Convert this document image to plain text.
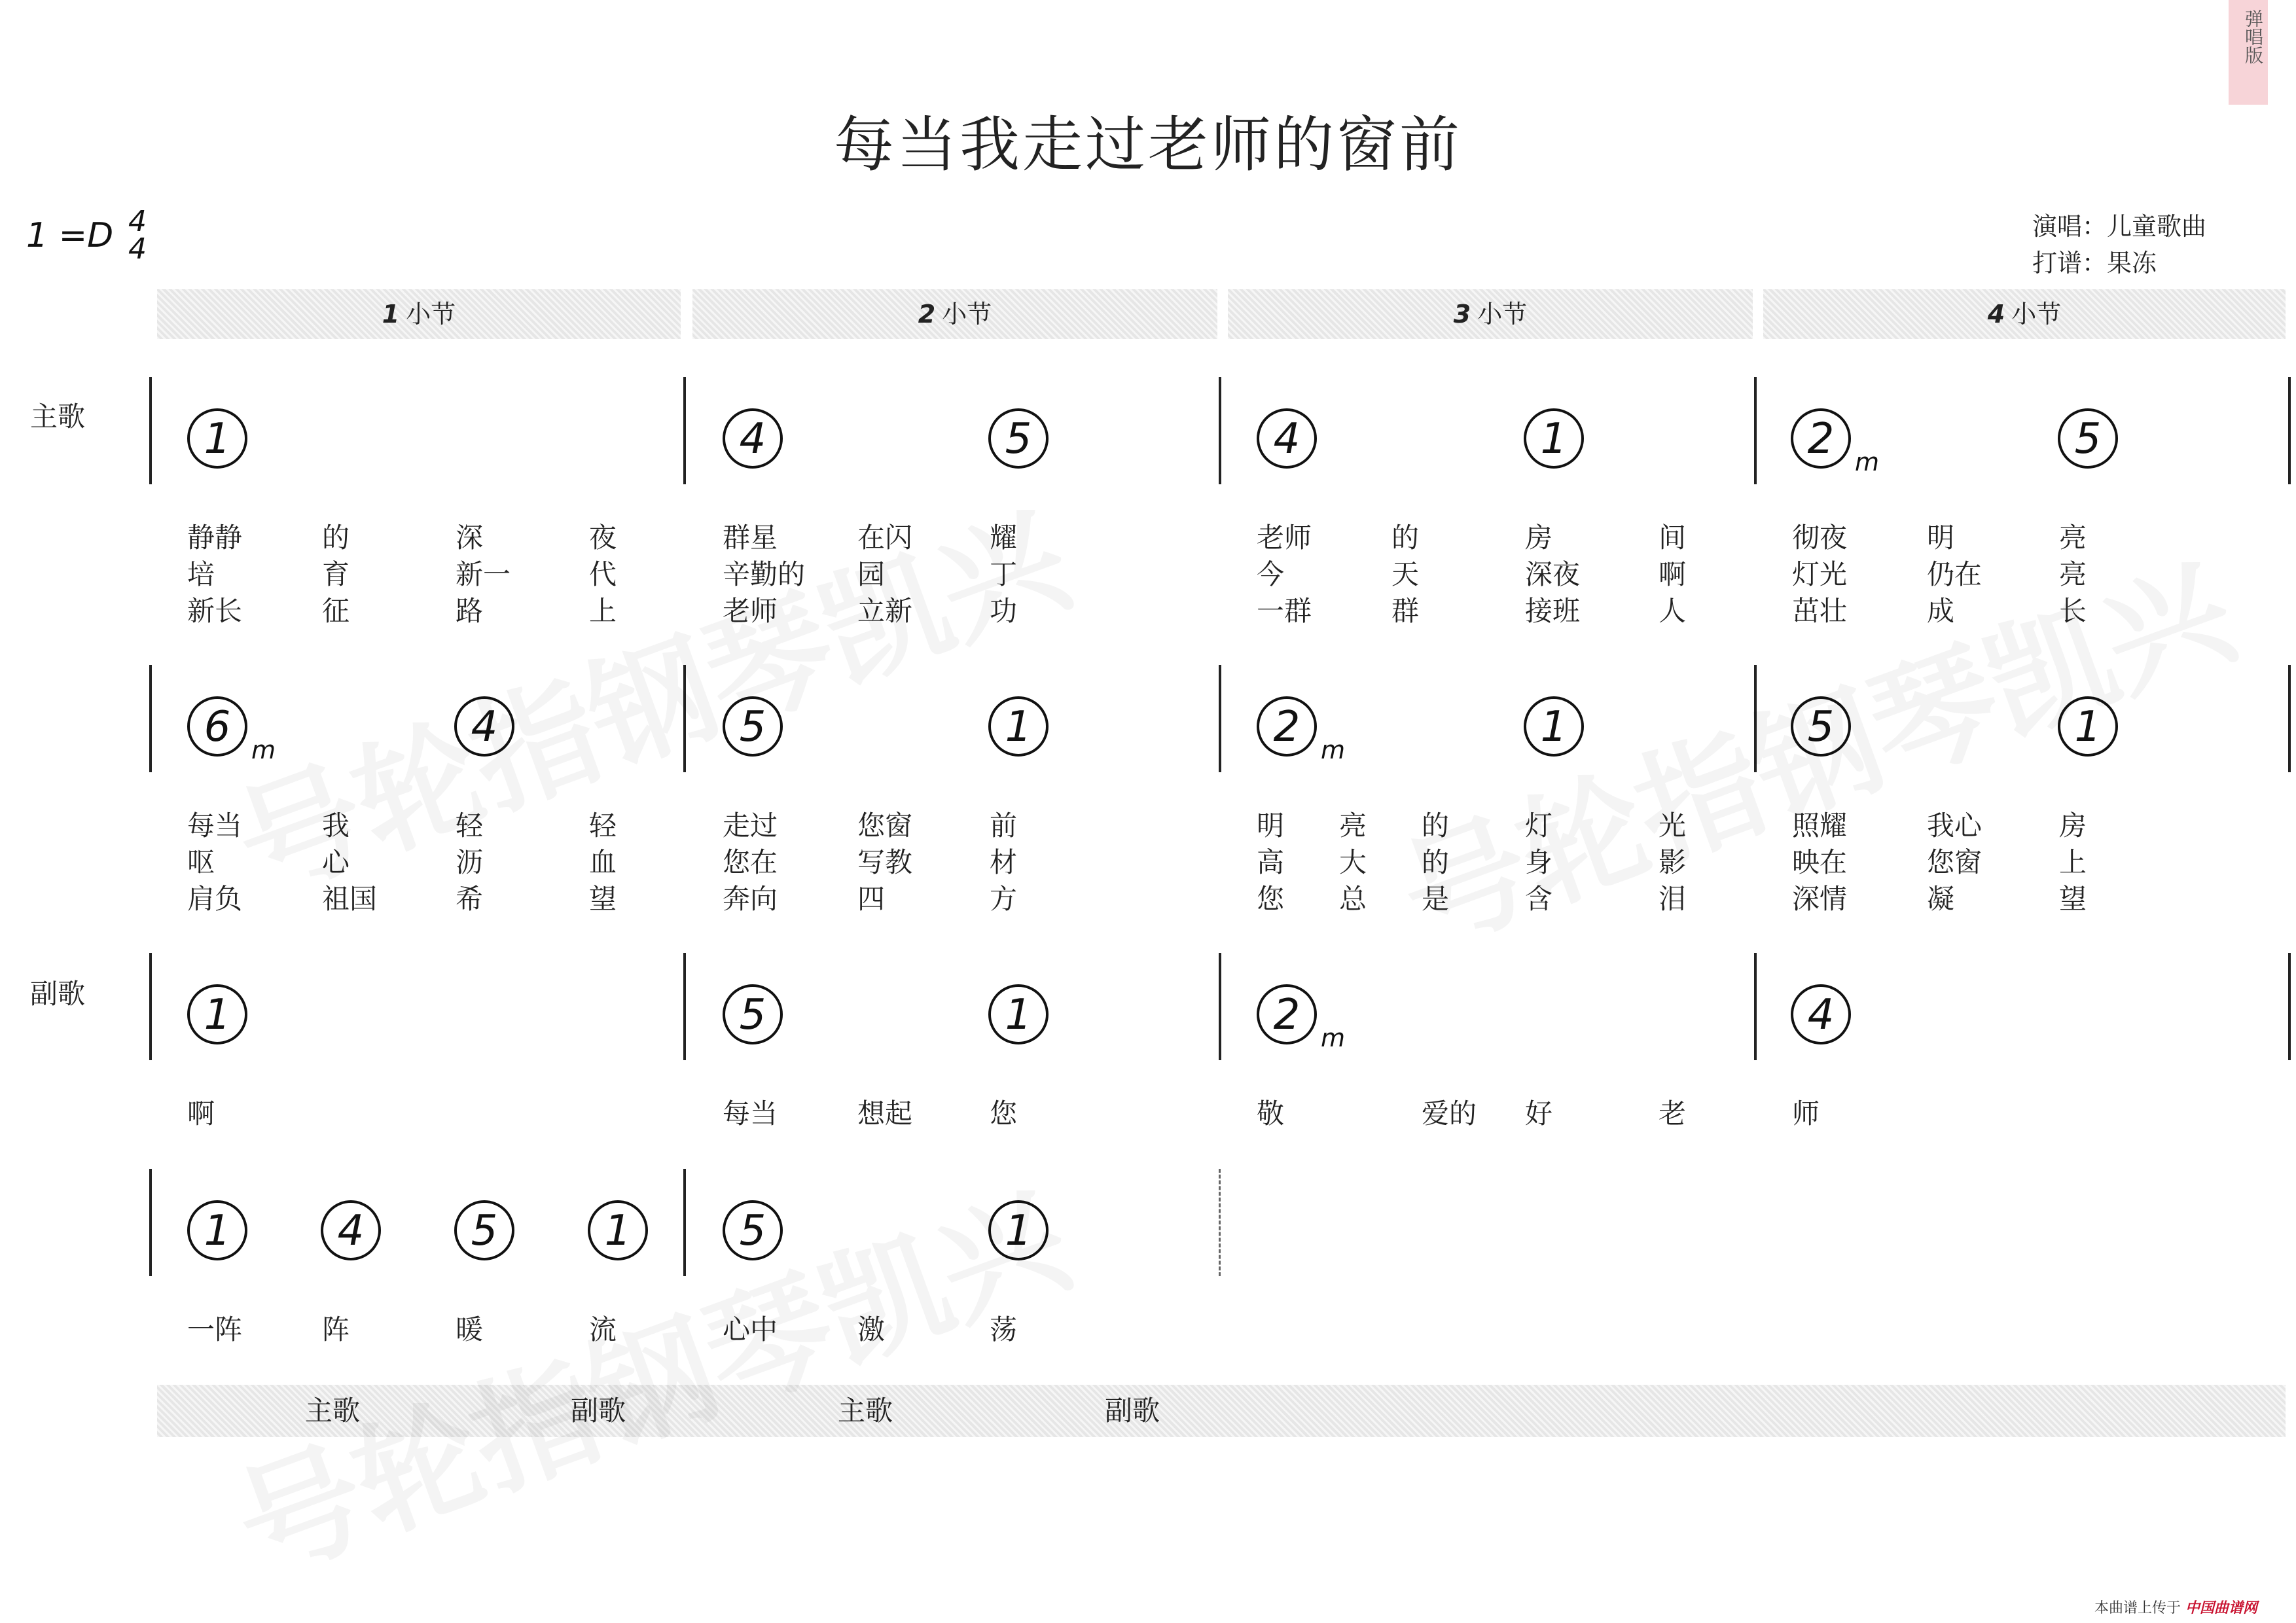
每当我走过老师的窗前
弹唱版
1 =D 4
4
演唱：儿童歌曲
打谱：果冻
1 小节	2 小节	3 小节	4 小节
主歌
副歌
1	4	5	4	1	2 m	5
静静	的	深	夜	群星	在闪	耀	老师	的	房	间	彻夜	明	亮
培	育	新一	代	辛勤的 园	丁	今	天	深夜	啊	灯光	仍在	亮
新长	征	路	上	老师	立新	功	一群	群	接班	人	茁壮	成	长
6 m	4	5	1	2 m	1	5	1
每当	我	轻	轻	走过	您窗	前	明 亮 的	灯	光	照耀	我心	房
呕	心	沥	血	您在	写教	材	高 大 的	身	影	映在	您窗	上
肩负	祖国	希	望	奔向	四	方	您 总 是	含	泪	深情	凝	望
1	5	1	2 m	4
啊	每当	想起	您	敬	爱的 好	老	师
1	4	5	1	5	1
一阵	阵	暖	流	心中	激	荡
主歌	副歌	主歌	副歌
本曲谱上传于 中国曲谱网
